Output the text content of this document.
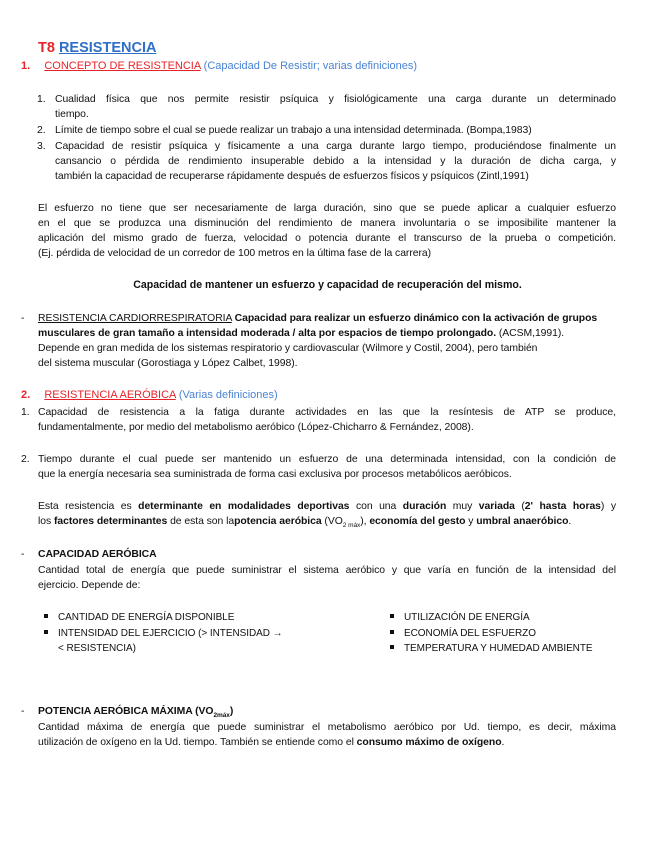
T8 RESISTENCIA
1. CONCEPTO DE RESISTENCIA (Capacidad De Resistir; varias definiciones)
1. Cualidad física que nos permite resistir psíquica y fisiológicamente una carga durante un determinado
tiempo.
2. Límite de tiempo sobre el cual se puede realizar un trabajo a una intensidad determinada. (Bompa,1983)
3. Capacidad de resistir psíquica y físicamente a una carga durante largo tiempo, produciéndose finalmente un
cansancio o pérdida de rendimiento insuperable debido a la intensidad y la duración de dicha carga, y
también la capacidad de recuperarse rápidamente después de esfuerzos físicos y psíquicos (Zintl,1991)
El esfuerzo no tiene que ser necesariamente de larga duración, sino que se puede aplicar a cualquier esfuerzo
en el que se produzca una disminución del rendimiento de manera involuntaria o se imposibilite mantener la
aplicación del mismo grado de fuerza, velocidad o potencia durante el transcurso de la prueba o competición.
(Ej. pérdida de velocidad de un corredor de 100 metros en la última fase de la carrera)
Capacidad de mantener un esfuerzo y capacidad de recuperación del mismo.
- RESISTENCIA CARDIORRESPIRATORIA Capacidad para realizar un esfuerzo dinámico con la activación de grupos
musculares de gran tamaño a intensidad moderada / alta por espacios de tiempo prolongado. (ACSM,1991).
Depende en gran medida de los sistemas respiratorio y cardiovascular (Wilmore y Costil, 2004), pero también
del sistema muscular (Gorostiaga y López Calbet, 1998).
2. RESISTENCIA AERÓBICA (Varias definiciones)
1. Capacidad de resistencia a la fatiga durante actividades en las que la resíntesis de ATP se produce,
fundamentalmente, por medio del metabolismo aeróbico (López-Chicharro & Fernández, 2008).
2. Tiempo durante el cual puede ser mantenido un esfuerzo de una determinada intensidad, con la condición de
que la energía necesaria sea suministrada de forma casi exclusiva por procesos metabólicos aeróbicos.
Esta resistencia es determinante en modalidades deportivas con una duración muy variada (2' hasta horas) y
los factores determinantes de esta son lapotencia aeróbica $(VO_{2 máx})$, economía del gesto y umbral anaeróbico.
- CAPACIDAD AERÓBICA
Cantidad total de energía que puede suministrar el sistema aeróbico y que varía en función de la intensidad del
ejercicio. Depende de:
CANTIDAD DE ENERGÍA DISPONIBLE
INTENSIDAD DEL EJERCICIO (> INTENSIDAD →
< RESISTENCIA)
UTILIZACIÓN DE ENERGÍA
ECONOMÍA DEL ESFUERZO
TEMPERATURA Y HUMEDAD AMBIENTE
- POTENCIA AERÓBICA MÁXIMA $(VO_{2máx})$
Cantidad máxima de energía que puede suministrar el metabolismo aeróbico por Ud. tiempo, es decir, máxima
utilización de oxígeno en la Ud. tiempo. También se entiende como el consumo máximo de oxígeno.
